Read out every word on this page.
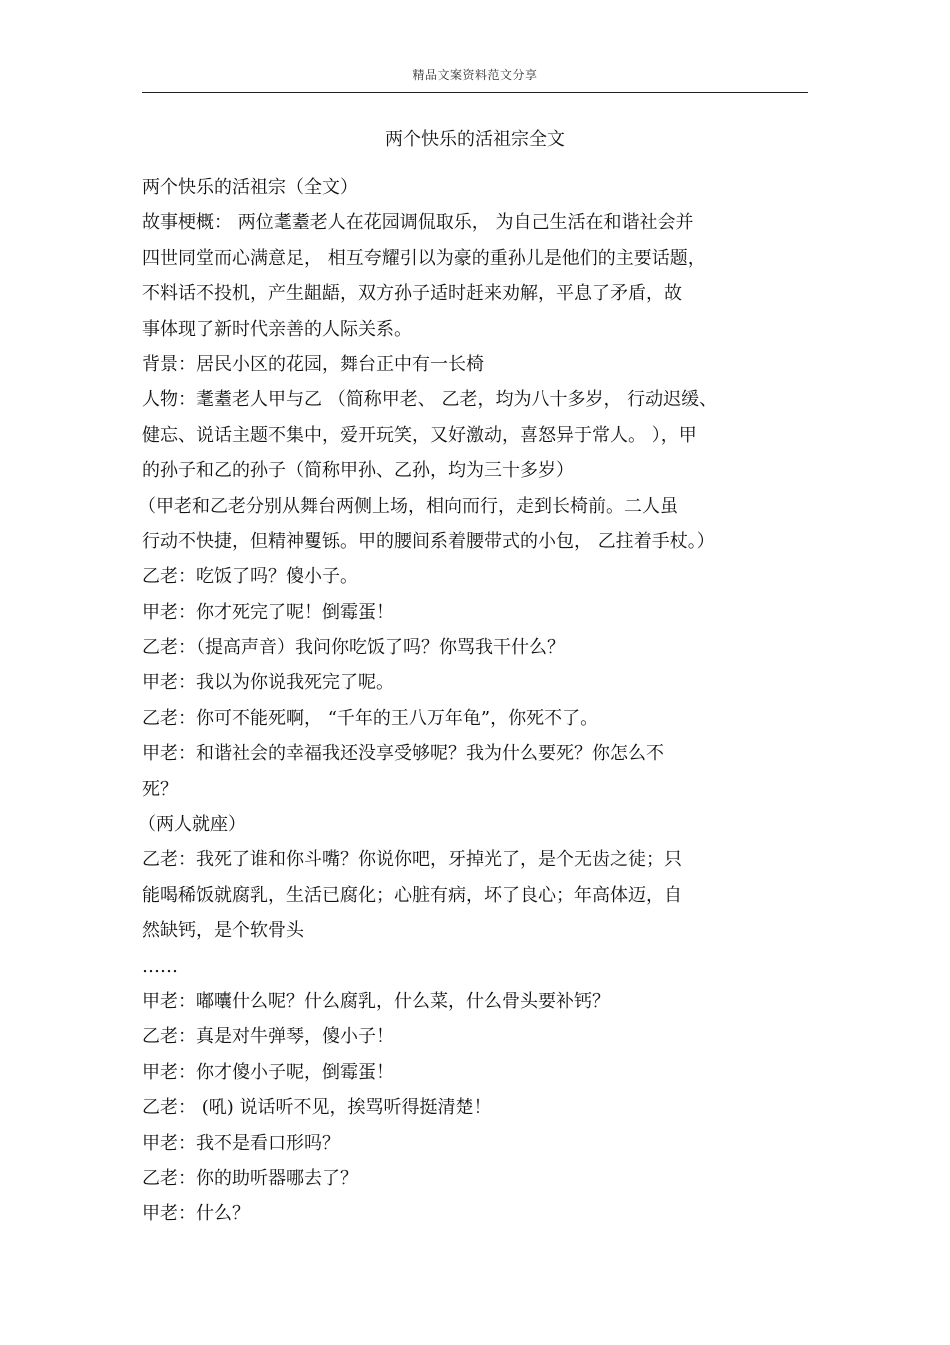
精品文案资料范文分享
两个快乐的活祖宗全文
两个快乐的活祖宗（全文）
故事梗概： 两位耄耋老人在花园调侃取乐， 为自己生活在和谐社会并
四世同堂而心满意足， 相互夸耀引以为豪的重孙儿是他们的主要话题，
不料话不投机，产生龃龉，双方孙子适时赶来劝解，平息了矛盾，故
事体现了新时代亲善的人际关系。
背景：居民小区的花园，舞台正中有一长椅
人物：耄耋老人甲与乙 （简称甲老、 乙老，均为八十多岁， 行动迟缓、
健忘、说话主题不集中，爱开玩笑，又好激动，喜怒异于常人。 ），甲
的孙子和乙的孙子（简称甲孙、乙孙，均为三十多岁）
（甲老和乙老分别从舞台两侧上场，相向而行，走到长椅前。二人虽
行动不快捷，但精神矍铄。甲的腰间系着腰带式的小包， 乙拄着手杖。）
乙老：吃饭了吗？傻小子。
甲老：你才死完了呢！倒霉蛋！
乙老：（提高声音）我问你吃饭了吗？你骂我干什么？
甲老：我以为你说我死完了呢。
乙老：你可不能死啊， “千年的王八万年龟”，你死不了。
甲老：和谐社会的幸福我还没享受够呢？我为什么要死？你怎么不
死？
（两人就座）
乙老：我死了谁和你斗嘴？你说你吧，牙掉光了，是个无齿之徒；只
能喝稀饭就腐乳，生活已腐化；心脏有病，坏了良心；年高体迈，自
然缺钙，是个软骨头
……
甲老：嘟囔什么呢？什么腐乳，什么菜，什么骨头要补钙？
乙老：真是对牛弹琴，傻小子！
甲老：你才傻小子呢，倒霉蛋！
乙老： (吼) 说话听不见，挨骂听得挺清楚！
甲老：我不是看口形吗？
乙老：你的助听器哪去了？
甲老：什么？
